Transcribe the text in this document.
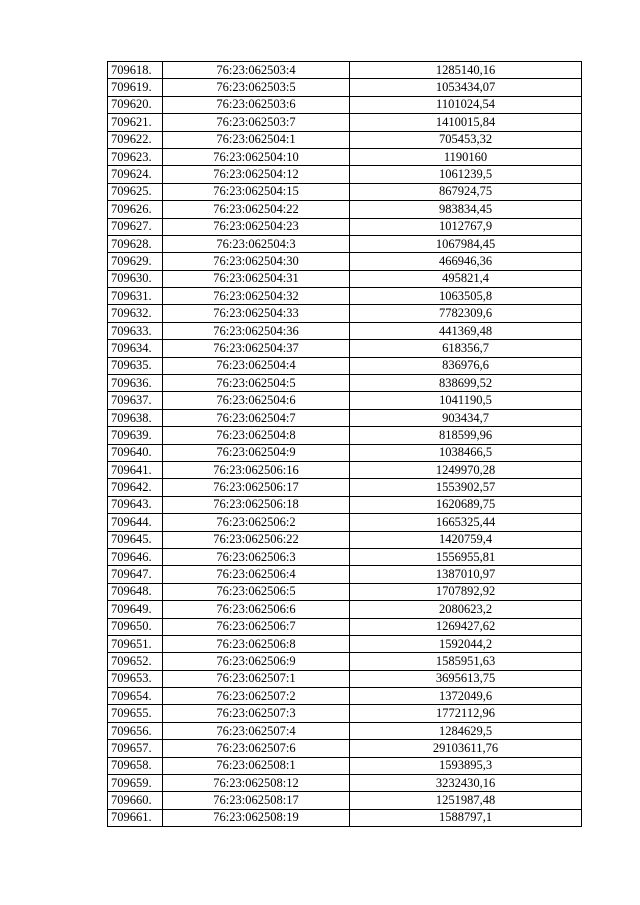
709618.	76:23:062503:4	1285140,16
709619.	76:23:062503:5	1053434,07
709620.	76:23:062503:6	1101024,54
709621.	76:23:062503:7	1410015,84
709622.	76:23:062504:1	705453,32
709623.	76:23:062504:10	1190160
709624.	76:23:062504:12	1061239,5
709625.	76:23:062504:15	867924,75
709626.	76:23:062504:22	983834,45
709627.	76:23:062504:23	1012767,9
709628.	76:23:062504:3	1067984,45
709629.	76:23:062504:30	466946,36
709630.	76:23:062504:31	495821,4
709631.	76:23:062504:32	1063505,8
709632.	76:23:062504:33	7782309,6
709633.	76:23:062504:36	441369,48
709634.	76:23:062504:37	618356,7
709635.	76:23:062504:4	836976,6
709636.	76:23:062504:5	838699,52
709637.	76:23:062504:6	1041190,5
709638.	76:23:062504:7	903434,7
709639.	76:23:062504:8	818599,96
709640.	76:23:062504:9	1038466,5
709641.	76:23:062506:16	1249970,28
709642.	76:23:062506:17	1553902,57
709643.	76:23:062506:18	1620689,75
709644.	76:23:062506:2	1665325,44
709645.	76:23:062506:22	1420759,4
709646.	76:23:062506:3	1556955,81
709647.	76:23:062506:4	1387010,97
709648.	76:23:062506:5	1707892,92
709649.	76:23:062506:6	2080623,2
709650.	76:23:062506:7	1269427,62
709651.	76:23:062506:8	1592044,2
709652.	76:23:062506:9	1585951,63
709653.	76:23:062507:1	3695613,75
709654.	76:23:062507:2	1372049,6
709655.	76:23:062507:3	1772112,96
709656.	76:23:062507:4	1284629,5
709657.	76:23:062507:6	29103611,76
709658.	76:23:062508:1	1593895,3
709659.	76:23:062508:12	3232430,16
709660.	76:23:062508:17	1251987,48
709661.	76:23:062508:19	1588797,1
